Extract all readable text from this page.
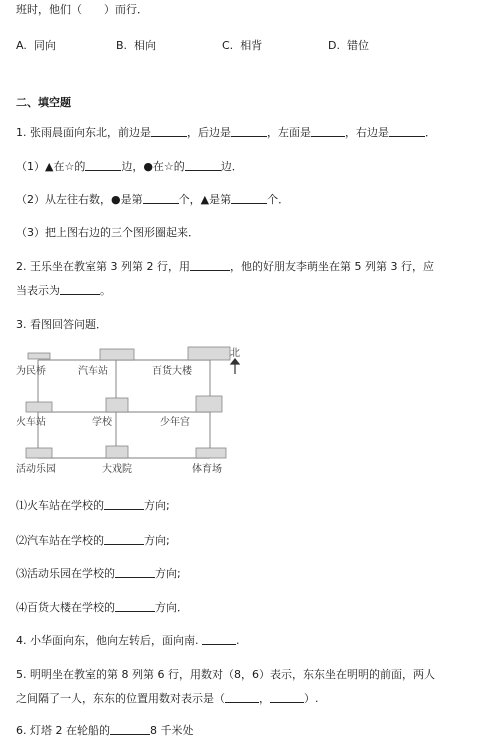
班时，他们（　　）而行．
A. 同向	B. 相向	C. 相背	D. 错位
二、填空题
1. 张雨晨面向东北，前边是	，后边是	，左面是	，右边是	．
（1）▲在☆的	边，●在☆的	边．
（2）从左往右数，●是第	个，▲是第	个．
（3）把上图右边的三个图形圈起来．
2. 王乐坐在教室第 3 列第 2 行，用	，他的好朋友李萌坐在第 5 列第 3 行，应
当表示为	。
3. 看图回答问题．
为民桥	汽车站	百货大楼
火车站	学校	少年宫
活动乐园	大戏院	体育场
北
⑴火车站在学校的	方向;
⑵汽车站在学校的	方向;
⑶活动乐园在学校的	方向;
⑷百货大楼在学校的	方向．
4. 小华面向东，他向左转后，面向南.	.
5. 明明坐在教室的第 8 列第 6 行，用数对（8，6）表示，东东坐在明明的前面，两人
之间隔了一人，东东的位置用数对表示是（	，	）.
6. 灯塔 2 在轮船的	8 千米处
